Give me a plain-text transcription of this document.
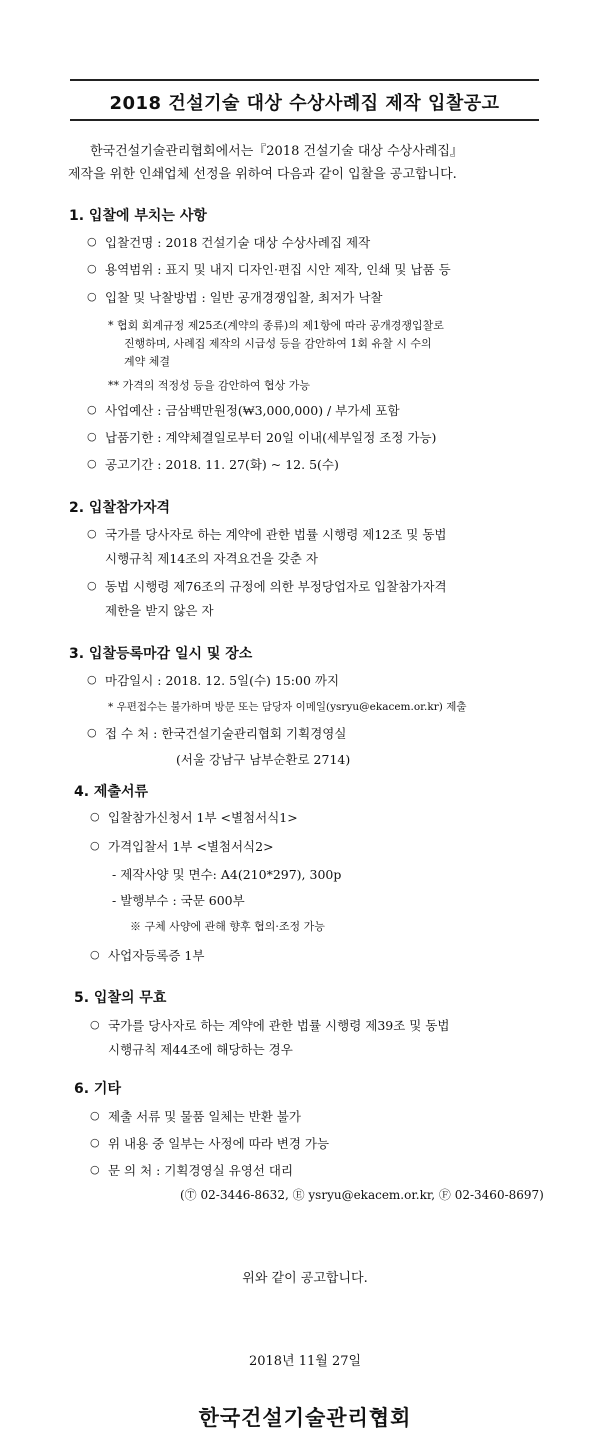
2018 건설기술 대상 수상사례집 제작 입찰공고
한국건설기술관리협회에서는『2018 건설기술 대상 수상사례집』
제작을 위한 인쇄업체 선정을 위하여 다음과 같이 입찰을 공고합니다.
1. 입찰에 부치는 사항
○ 입찰건명 : 2018 건설기술 대상 수상사례집 제작
○ 용역범위 : 표지 및 내지 디자인·편집 시안 제작, 인쇄 및 납품 등
○ 입찰 및 낙찰방법 : 일반 공개경쟁입찰, 최저가 낙찰
* 협회 회계규정 제25조(계약의 종류)의 제1항에 따라 공개경쟁입찰로
진행하며, 사례집 제작의 시급성 등을 감안하여 1회 유찰 시 수의
계약 체결
** 가격의 적정성 등을 감안하여 협상 가능
○ 사업예산 : 금삼백만원정(₩3,000,000) / 부가세 포함
○ 납품기한 : 계약체결일로부터 20일 이내(세부일정 조정 가능)
○ 공고기간 : 2018. 11. 27(화) ~ 12. 5(수)
2. 입찰참가자격
○ 국가를 당사자로 하는 계약에 관한 법률 시행령 제12조 및 동법
시행규칙 제14조의 자격요건을 갖춘 자
○ 동법 시행령 제76조의 규정에 의한 부정당업자로 입찰참가자격
제한을 받지 않은 자
3. 입찰등록마감 일시 및 장소
○ 마감일시 : 2018. 12. 5일(수) 15:00 까지
* 우편접수는 불가하며 방문 또는 담당자 이메일(ysryu@ekacem.or.kr) 제출
○ 접 수 처 : 한국건설기술관리협회 기획경영실
(서울 강남구 남부순환로 2714)
4. 제출서류
○ 입찰참가신청서 1부 <별첨서식1>
○ 가격입찰서 1부 <별첨서식2>
- 제작사양 및 면수: A4(210*297), 300p
- 발행부수 : 국문 600부
※ 구체 사양에 관해 향후 협의·조정 가능
○ 사업자등록증 1부
5. 입찰의 무효
○ 국가를 당사자로 하는 계약에 관한 법률 시행령 제39조 및 동법
시행규칙 제44조에 해당하는 경우
6. 기타
○ 제출 서류 및 물품 일체는 반환 불가
○ 위 내용 중 일부는 사정에 따라 변경 가능
○ 문 의 처 : 기획경영실 유영선 대리
(Ⓣ 02-3446-8632, Ⓔ ysryu@ekacem.or.kr, Ⓕ 02-3460-8697)
위와 같이 공고합니다.
2018년 11월 27일
한국건설기술관리협회
